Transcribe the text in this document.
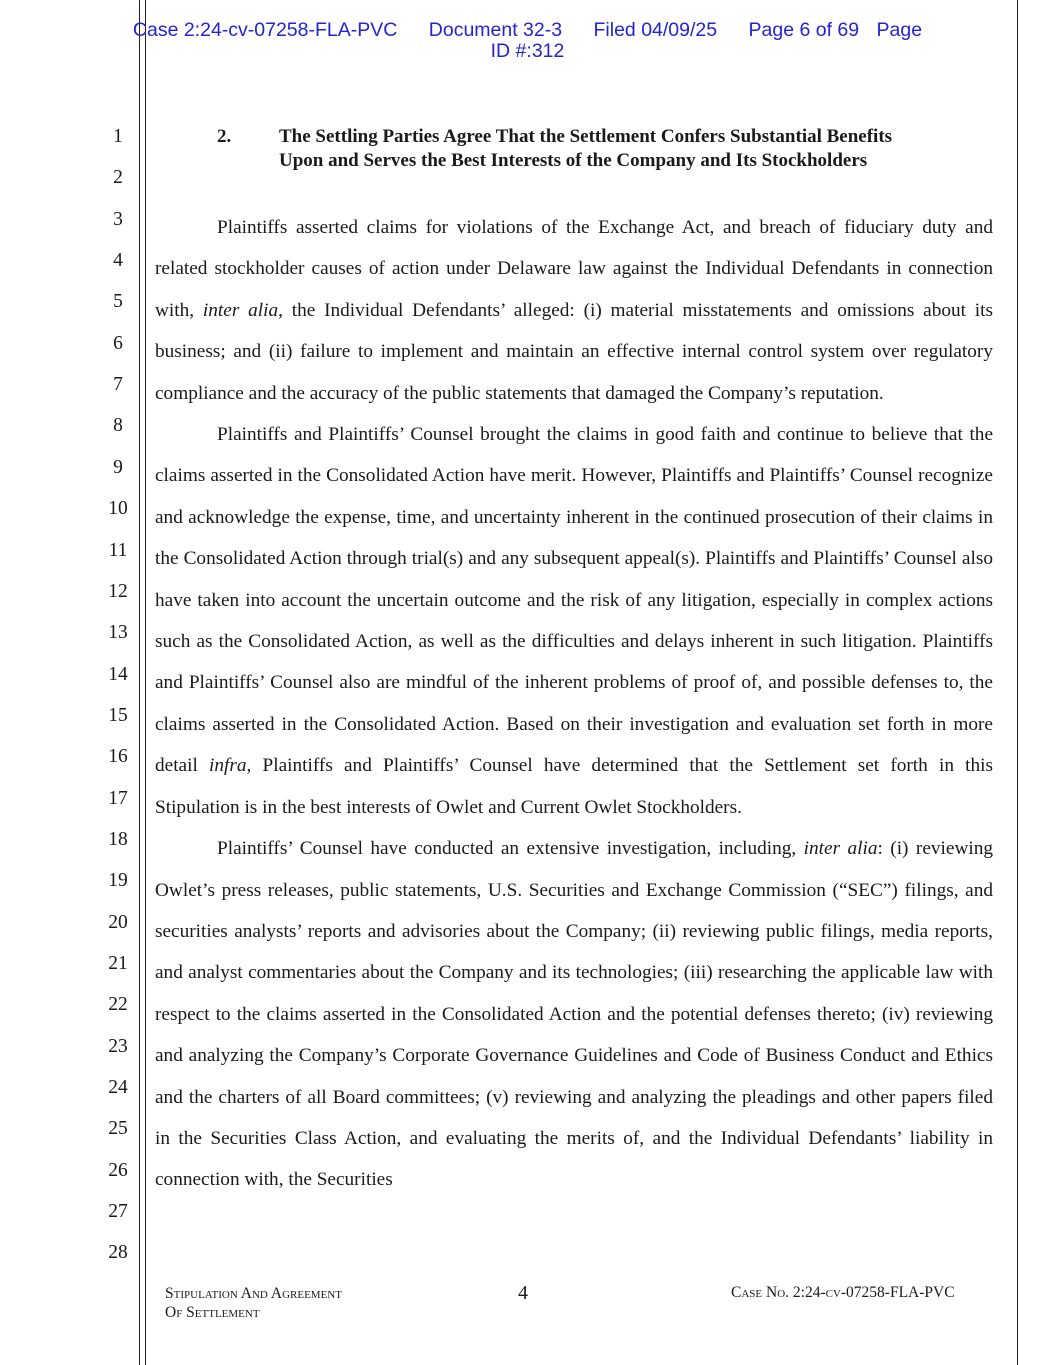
Case 2:24-cv-07258-FLA-PVC Document 32-3 Filed 04/09/25 Page 6 of 69 Page
ID #:312
1
2
3
4
5
6
7
8
9
10
11
12
13
14
15
16
17
18
19
20
21
22
23
24
25
26
27
28
2.	The Settling Parties Agree That the Settlement Confers Substantial Benefits Upon and Serves the Best Interests of the Company and Its Stockholders

Plaintiffs asserted claims for violations of the Exchange Act, and breach of fiduciary duty and related stockholder causes of action under Delaware law against the Individual Defendants in connection with, inter alia, the Individual Defendants’ alleged: (i) material misstatements and omissions about its business; and (ii) failure to implement and maintain an effective internal control system over regulatory compliance and the accuracy of the public statements that damaged the Company’s reputation.

Plaintiffs and Plaintiffs’ Counsel brought the claims in good faith and continue to believe that the claims asserted in the Consolidated Action have merit. However, Plaintiffs and Plaintiffs’ Counsel recognize and acknowledge the expense, time, and uncertainty inherent in the continued prosecution of their claims in the Consolidated Action through trial(s) and any subsequent appeal(s). Plaintiffs and Plaintiffs’ Counsel also have taken into account the uncertain outcome and the risk of any litigation, especially in complex actions such as the Consolidated Action, as well as the difficulties and delays inherent in such litigation. Plaintiffs and Plaintiffs’ Counsel also are mindful of the inherent problems of proof of, and possible defenses to, the claims asserted in the Consolidated Action. Based on their investigation and evaluation set forth in more detail infra, Plaintiffs and Plaintiffs’ Counsel have determined that the Settlement set forth in this Stipulation is in the best interests of Owlet and Current Owlet Stockholders.

Plaintiffs’ Counsel have conducted an extensive investigation, including, inter alia: (i) reviewing Owlet’s press releases, public statements, U.S. Securities and Exchange Commission (“SEC”) filings, and securities analysts’ reports and advisories about the Company; (ii) reviewing public filings, media reports, and analyst commentaries about the Company and its technologies; (iii) researching the applicable law with respect to the claims asserted in the Consolidated Action and the potential defenses thereto; (iv) reviewing and analyzing the Company’s Corporate Governance Guidelines and Code of Business Conduct and Ethics and the charters of all Board committees; (v) reviewing and analyzing the pleadings and other papers filed in the Securities Class Action, and evaluating the merits of, and the Individual Defendants’ liability in connection with, the Securities

Stipulation And Agreement
Of Settlement
4	Case No. 2:24-cv-07258-FLA-PVC
